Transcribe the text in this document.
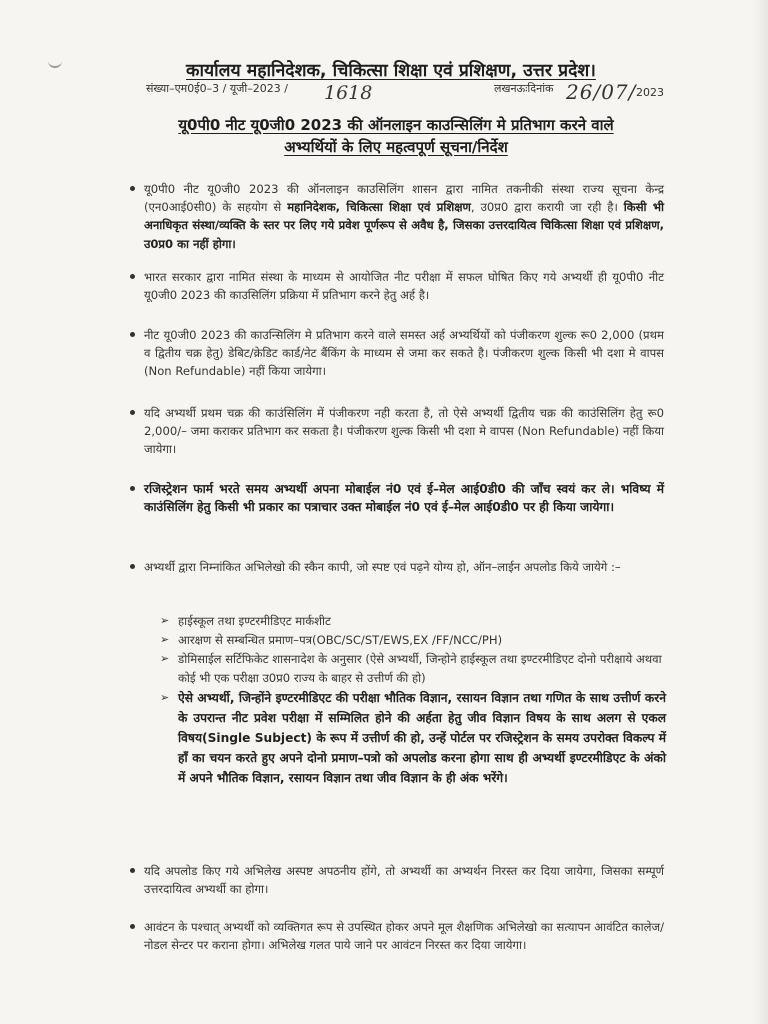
कार्यालय महानिदेशक, चिकित्सा शिक्षा एवं प्रशिक्षण, उत्तर प्रदेश।
संख्या–एम0ई0–3 / यूजी–2023 / 1618	लखनऊःदिनांक 26/07/ 2023
यू0पी0 नीट यू0जी0 2023 की ऑनलाइन काउन्सिलिंग मे प्रतिभाग करने वाले
अभ्यर्थियों के लिए महत्वपूर्ण सूचना/निर्देश
यू0पी0 नीट यू0जी0 2023 की ऑनलाइन काउसिलिंग शासन द्वारा नामित तकनीकी संस्था राज्य सूचना केन्द्र (एन0आई0सी0) के सहयोग से महानिदेशक, चिकित्सा शिक्षा एवं प्रशिक्षण, उ0प्र0 द्वारा करायी जा रही है। किसी भी अनाधिकृत संस्था/व्यक्ति के स्तर पर लिए गये प्रवेश पूर्णरूप से अवैध है, जिसका उत्तरदायित्व चिकित्सा शिक्षा एवं प्रशिक्षण, उ0प्र0 का नहीं होगा।
भारत सरकार द्वारा नामित संस्था के माध्यम से आयोजित नीट परीक्षा में सफल घोषित किए गये अभ्यर्थी ही यू0पी0 नीट यू0जी0 2023 की काउसिलिंग प्रक्रिया में प्रतिभाग करने हेतु अर्ह है।
नीट यू0जी0 2023 की काउन्सिलिंग मे प्रतिभाग करने वाले समस्त अर्ह अभ्यर्थियों को पंजीकरण शुल्क रू0 2,000 (प्रथम व द्वितीय चक्र हेतु) डेबिट/क्रेडिट कार्ड/नेट बैंकिंग के माध्यम से जमा कर सकते है। पंजीकरण शुल्क किसी भी दशा मे वापस (Non Refundable) नहीं किया जायेगा।
यदि अभ्यर्थी प्रथम चक्र की काउंसिलिंग में पंजीकरण नही करता है, तो ऐसे अभ्यर्थी द्वितीय चक्र की काउंसिलिंग हेतु रू0 2,000/– जमा कराकर प्रतिभाग कर सकता है। पंजीकरण शुल्क किसी भी दशा मे वापस (Non Refundable) नहीं किया जायेगा।
रजिस्ट्रेशन फार्म भरते समय अभ्यर्थी अपना मोबाईल नं0 एवं ई–मेल आई0डी0 की जाँच स्वयं कर ले। भविष्य में काउंसिलिंग हेतु किसी भी प्रकार का पत्राचार उक्त मोबाईल नं0 एवं ई–मेल आई0डी0 पर ही किया जायेगा।
अभ्यर्थी द्वारा निम्नांकित अभिलेखो की स्कैन कापी, जो स्पष्ट एवं पढ़ने योग्य हो, ऑन–लाईन अपलोड किये जायेगे :–
➢ हाईस्कूल तथा इण्टरमीडिएट मार्कशीट
➢ आरक्षण से सम्बन्धित प्रमाण–पत्र(OBC/SC/ST/EWS,EX /FF/NCC/PH)
➢ डोमिसाईल सर्टिफिकेट शासनादेश के अनुसार (ऐसे अभ्यर्थी, जिन्होने हाईस्कूल तथा इण्टरमीडिएट दोनो परीक्षाये अथवा कोई भी एक परीक्षा उ0प्र0 राज्य के बाहर से उत्तीर्ण की हो)
➢ ऐसे अभ्यर्थी, जिन्होंने इण्टरमीडिएट की परीक्षा भौतिक विज्ञान, रसायन विज्ञान तथा गणित के साथ उत्तीर्ण करने के उपरान्त नीट प्रवेश परीक्षा में सम्मिलित होने की अर्हता हेतु जीव विज्ञान विषय के साथ अलग से एकल विषय(Single Subject) के रूप में उत्तीर्ण की हो, उन्हें पोर्टल पर रजिस्ट्रेशन के समय उपरोक्त विकल्प में हाँ का चयन करते हुए अपने दोनो प्रमाण–पत्रो को अपलोड करना होगा साथ ही अभ्यर्थी इण्टरमीडिएट के अंको में अपने भौतिक विज्ञान, रसायन विज्ञान तथा जीव विज्ञान के ही अंक भरेंगे।
यदि अपलोड किए गये अभिलेख अस्पष्ट अपठनीय होंगे, तो अभ्यर्थी का अभ्यर्थन निरस्त कर दिया जायेगा, जिसका सम्पूर्ण उत्तरदायित्व अभ्यर्थी का होगा।
आवंटन के पश्चात् अभ्यर्थी को व्यक्तिगत रूप से उपस्थित होकर अपने मूल शैक्षणिक अभिलेखो का सत्यापन आवंटित कालेज/नोडल सेन्टर पर कराना होगा। अभिलेख गलत पाये जाने पर आवंटन निरस्त कर दिया जायेगा।
